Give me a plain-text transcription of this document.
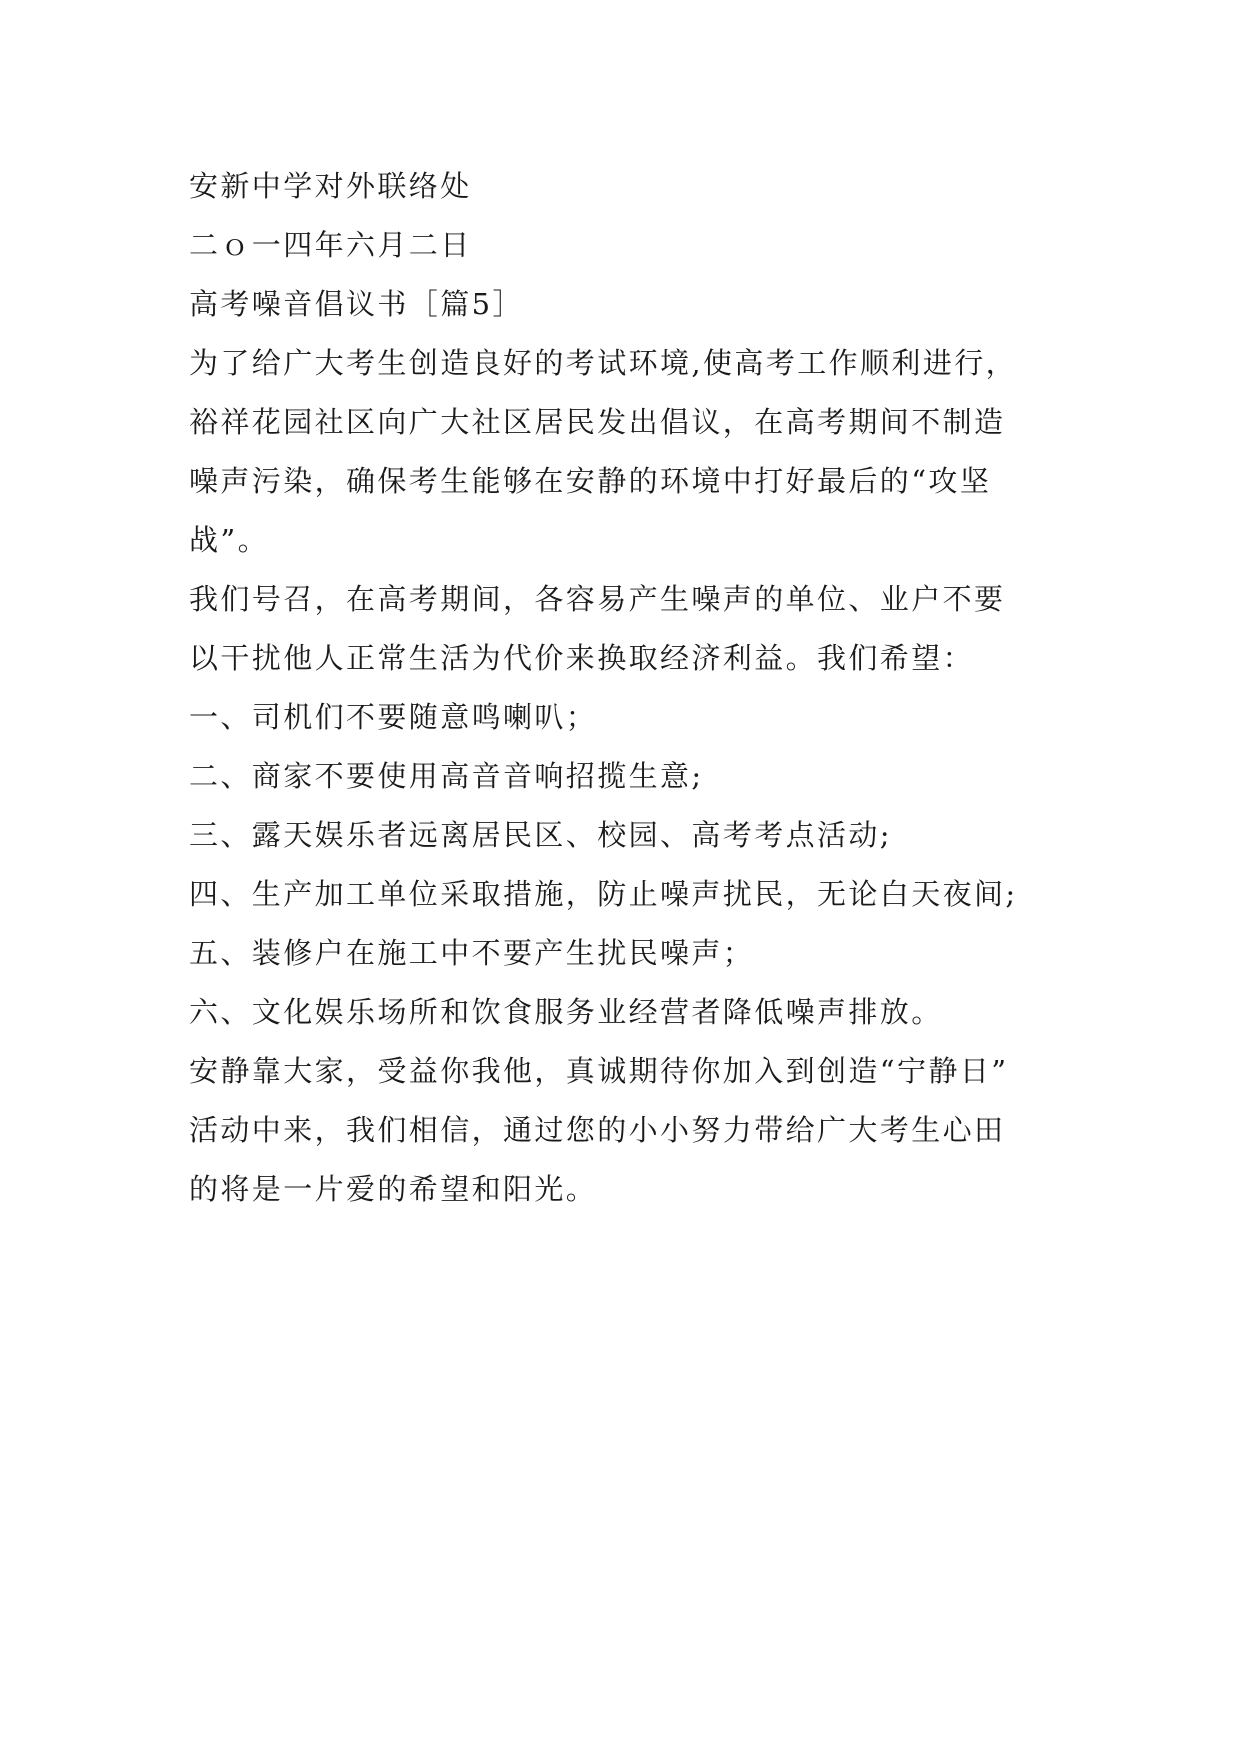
安新中学对外联络处
二ｏ一四年六月二日
高考噪音倡议书［篇5］
为了给广大考生创造良好的考试环境,使高考工作顺利进行，
裕祥花园社区向广大社区居民发出倡议，在高考期间不制造
噪声污染，确保考生能够在安静的环境中打好最后的“攻坚
战”。
我们号召，在高考期间，各容易产生噪声的单位、业户不要
以干扰他人正常生活为代价来换取经济利益。我们希望：
一、司机们不要随意鸣喇叭；
二、商家不要使用高音音响招揽生意;
三、露天娱乐者远离居民区、校园、高考考点活动;
四、生产加工单位采取措施，防止噪声扰民，无论白天夜间;
五、装修户在施工中不要产生扰民噪声；
六、文化娱乐场所和饮食服务业经营者降低噪声排放。
安静靠大家，受益你我他，真诚期待你加入到创造“宁静日”
活动中来，我们相信，通过您的小小努力带给广大考生心田
的将是一片爱的希望和阳光。
